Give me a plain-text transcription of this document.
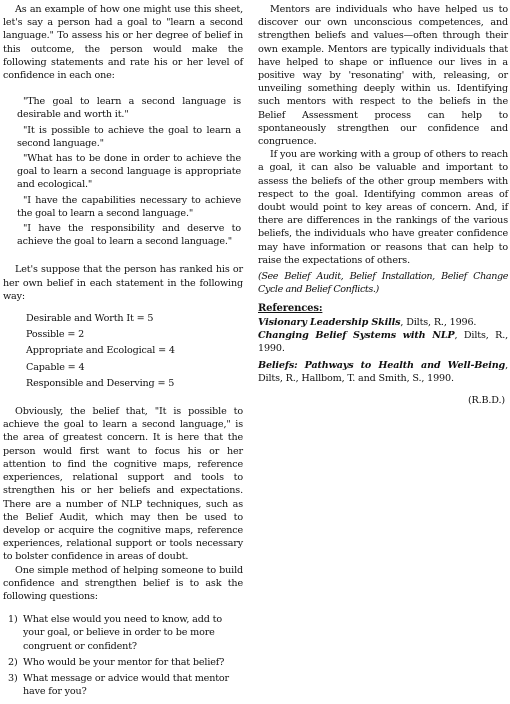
As an example of how one might use this sheet, let's say a person had a goal to "learn a second language." To assess his or her degree of belief in this outcome, the person would make the following statements and rate his or her level of confidence in each one:

"The goal to learn a second language is desirable and worth it."

"It is possible to achieve the goal to learn a second language."

"What has to be done in order to achieve the goal to learn a second language is appropriate and ecological."

"I have the capabilities necessary to achieve the goal to learn a second language."

"I have the responsibility and deserve to achieve the goal to learn a second language."

Let's suppose that the person has ranked his or her own belief in each statement in the following way:

Desirable and Worth It = 5
Possible = 2
Appropriate and Ecological = 4
Capable = 4
Responsible and Deserving = 5

Obviously, the belief that, "It is possible to achieve the goal to learn a second language," is the area of greatest concern. It is here that the person would first want to focus his or her attention to find the cognitive maps, reference experiences, relational support and tools to strengthen his or her beliefs and expectations. There are a number of NLP techniques, such as the Belief Audit, which may then be used to develop or acquire the cognitive maps, reference experiences, relational support or tools necessary to bolster confidence in areas of doubt.

One simple method of helping someone to build confidence and strengthen belief is to ask the following questions:

1) What else would you need to know, add to your goal, or believe in order to be more congruent or confident?
2) Who would be your mentor for that belief?
3) What message or advice would that mentor have for you?

Mentors are individuals who have helped us to discover our own unconscious competences, and strengthen beliefs and values—often through their own example. Mentors are typically individuals that have helped to shape or influence our lives in a positive way by 'resonating' with, releasing, or unveiling something deeply within us. Identifying such mentors with respect to the beliefs in the Belief Assessment process can help to spontaneously strengthen our confidence and congruence.

If you are working with a group of others to reach a goal, it can also be valuable and important to assess the beliefs of the other group members with respect to the goal. Identifying common areas of doubt would point to key areas of concern. And, if there are differences in the rankings of the various beliefs, the individuals who have greater confidence may have information or reasons that can help to raise the expectations of others.

(See Belief Audit, Belief Installation, Belief Change Cycle and Belief Conflicts.)

References:

Visionary Leadership Skills, Dilts, R., 1996.

Changing Belief Systems with NLP, Dilts, R., 1990.

Beliefs: Pathways to Health and Well-Being, Dilts, R., Hallbom, T. and Smith, S., 1990.

(R.B.D.)
